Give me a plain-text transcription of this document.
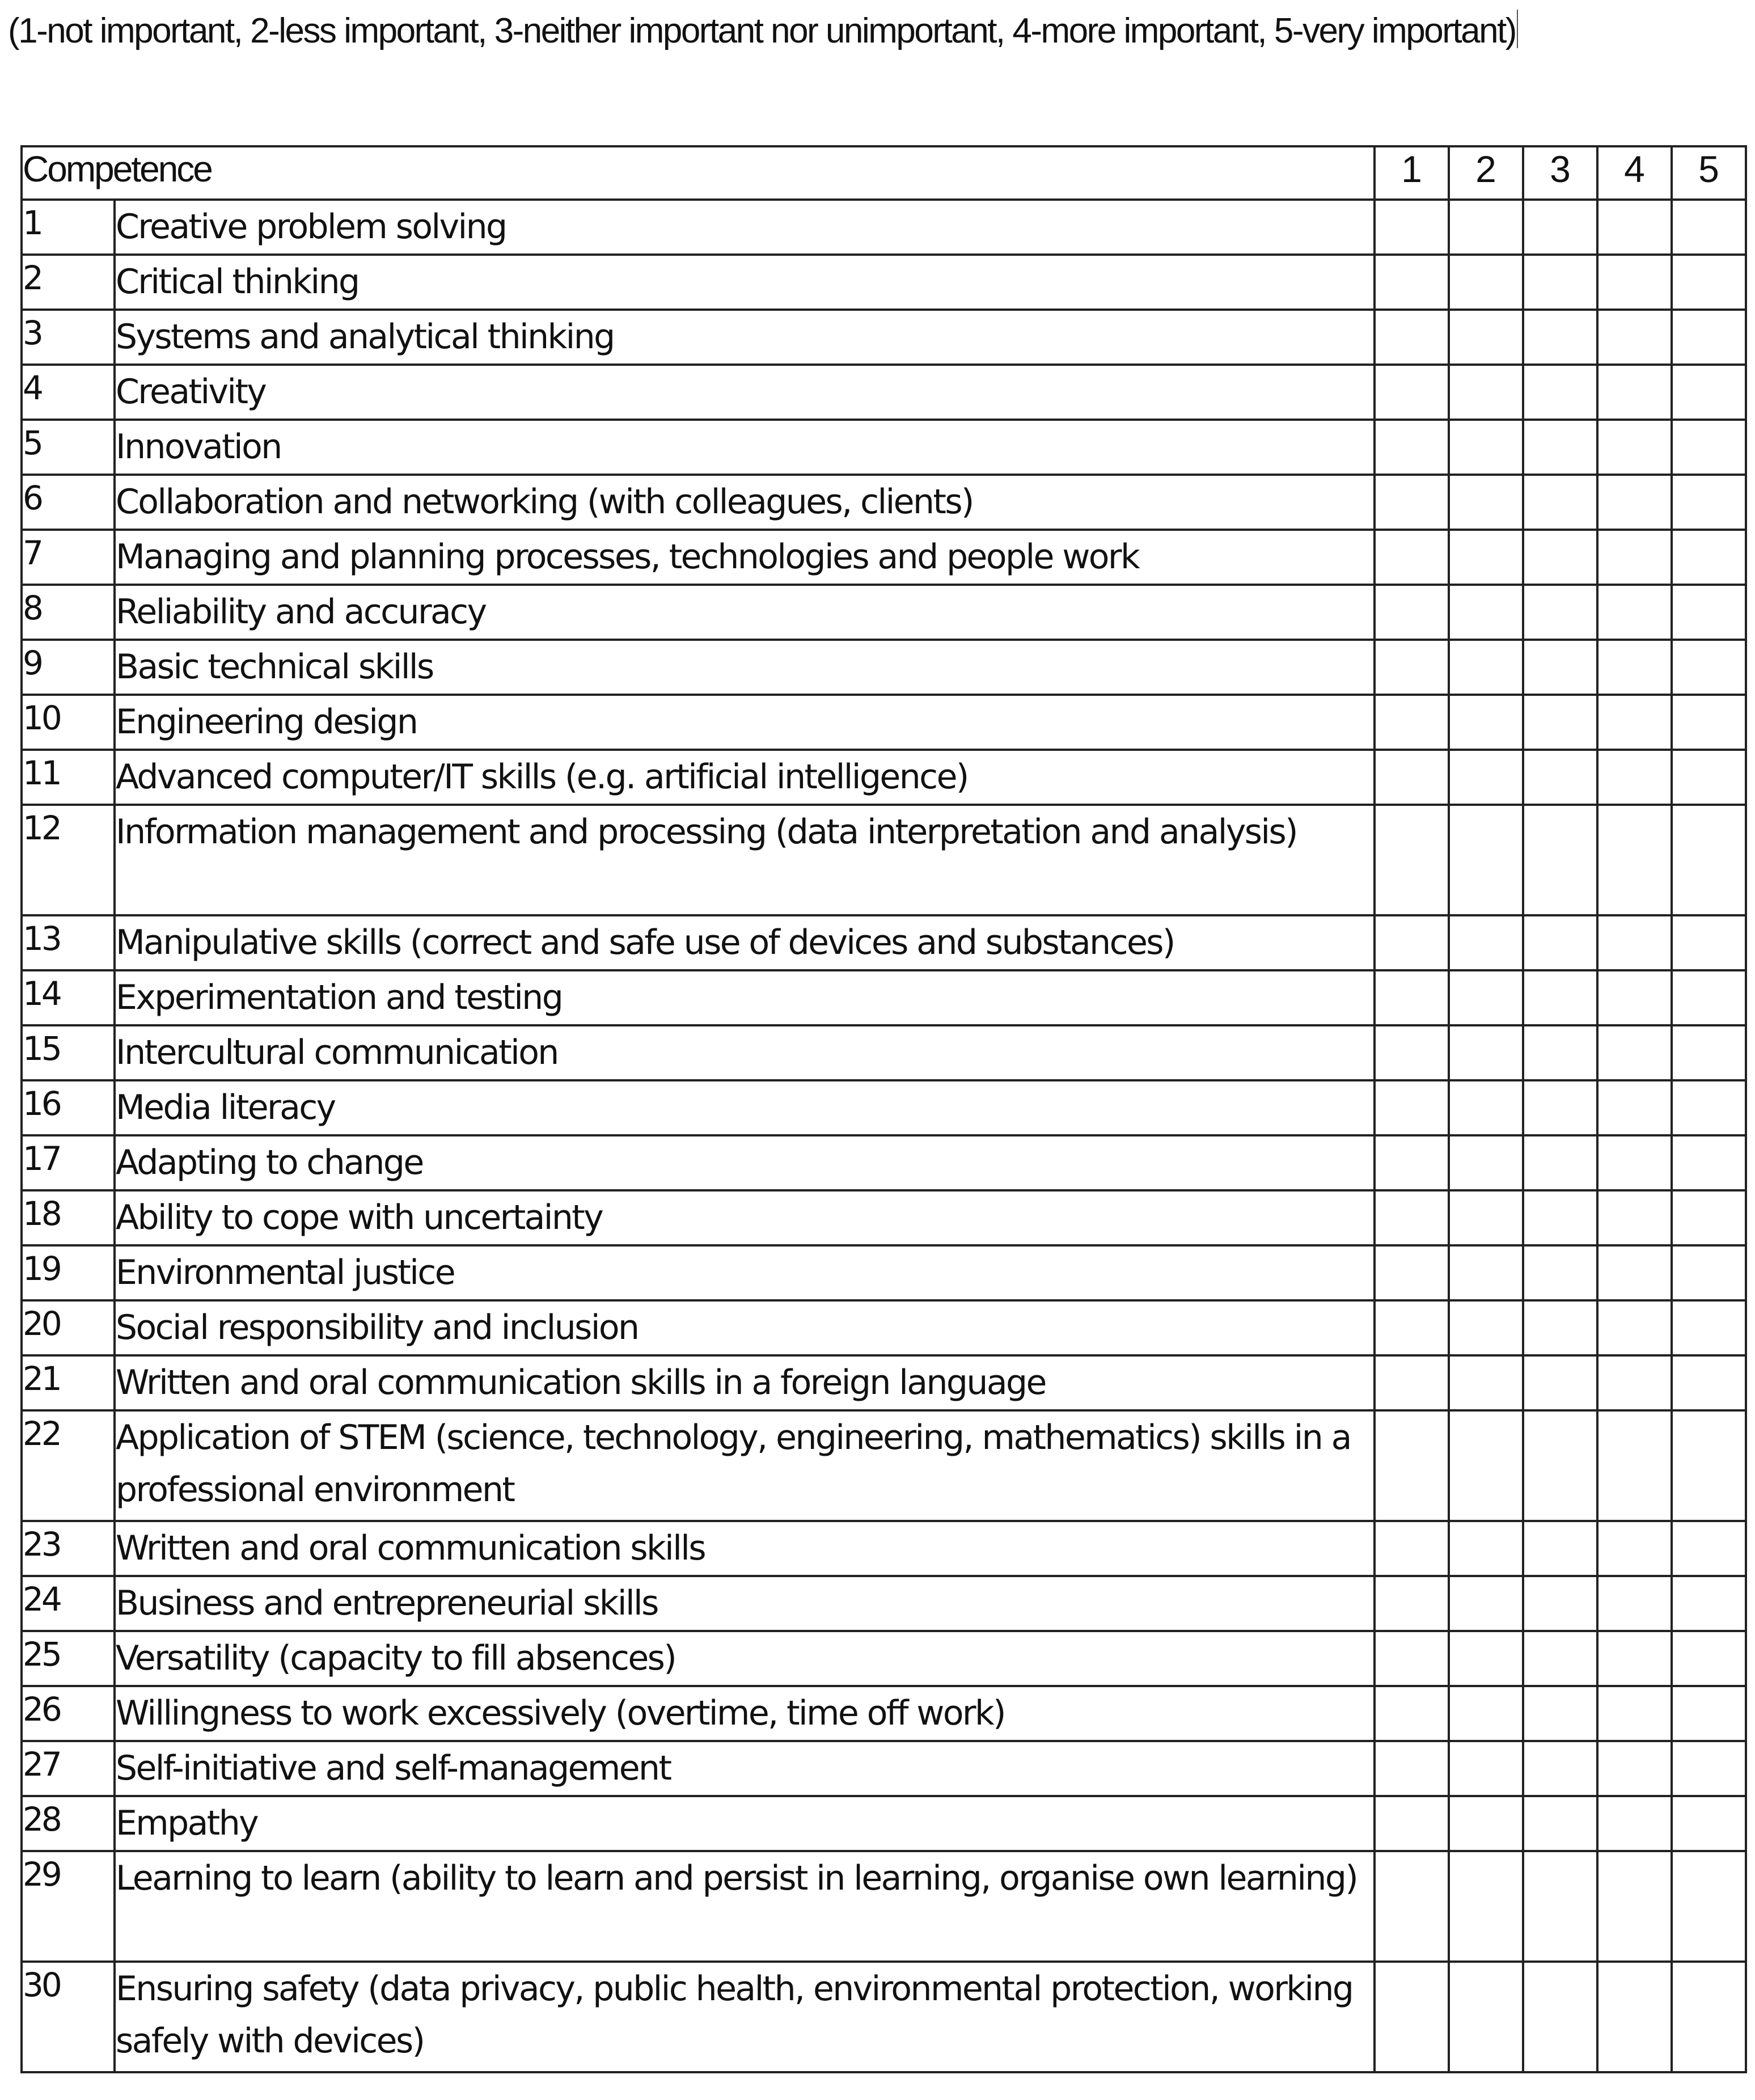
(1-not important, 2-less important, 3-neither important nor unimportant, 4-more important, 5-very important)
Competence		1	2	3	4	5
1	Creative problem solving					
2	Critical thinking					
3	Systems and analytical thinking					
4	Creativity					
5	Innovation					
6	Collaboration and networking (with colleagues, clients)					
7	Managing and planning processes, technologies and people work					
8	Reliability and accuracy					
9	Basic technical skills					
10	Engineering design					
11	Advanced computer/IT skills (e.g. artificial intelligence)					
12	Information management and processing (data interpretation and analysis)					
13	Manipulative skills (correct and safe use of devices and substances)					
14	Experimentation and testing					
15	Intercultural communication					
16	Media literacy					
17	Adapting to change					
18	Ability to cope with uncertainty					
19	Environmental justice					
20	Social responsibility and inclusion					
21	Written and oral communication skills in a foreign language					
22	Application of STEM (science, technology, engineering, mathematics) skills in a professional environment					
23	Written and oral communication skills					
24	Business and entrepreneurial skills					
25	Versatility (capacity to fill absences)					
26	Willingness to work excessively (overtime, time off work)					
27	Self-initiative and self-management					
28	Empathy					
29	Learning to learn (ability to learn and persist in learning, organise own learning)					
30	Ensuring safety (data privacy, public health, environmental protection, working safely with devices)					
